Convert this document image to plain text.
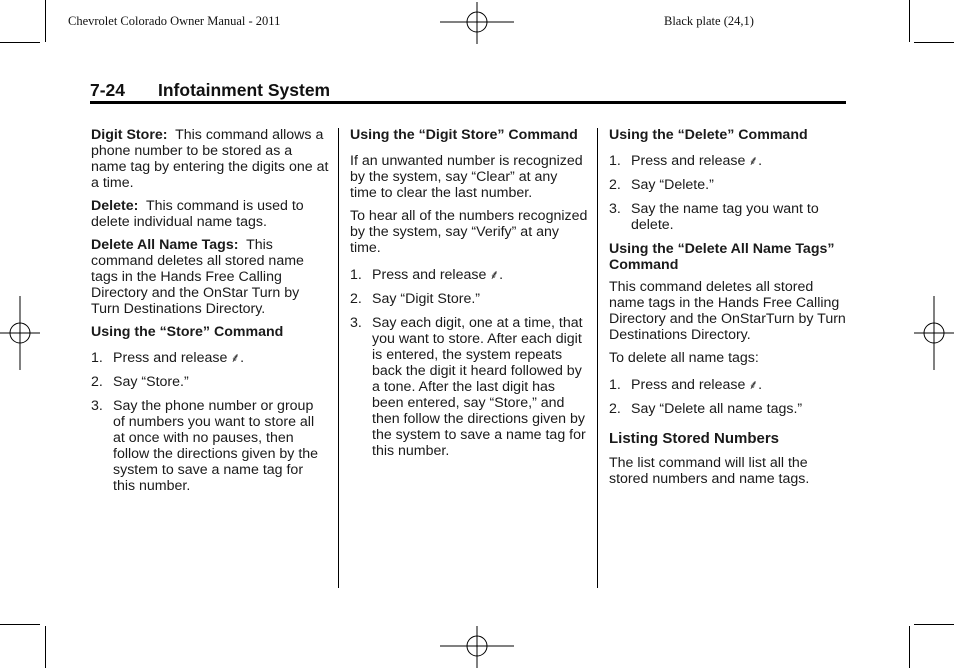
Chevrolet Colorado Owner Manual - 2011	Black plate (24,1)
7-24 Infotainment System

Digit Store: This command allows a phone number to be stored as a name tag by entering the digits one at a time.

Delete: This command is used to delete individual name tags.

Delete All Name Tags: This command deletes all stored name tags in the Hands Free Calling Directory and the OnStar Turn by Turn Destinations Directory.

Using the “Store” Command

1. Press and release ⸙.
2. Say “Store.”
3. Say the phone number or group of numbers you want to store all at once with no pauses, then follow the directions given by the system to save a name tag for this number.

Using the “Digit Store” Command

If an unwanted number is recognized by the system, say “Clear” at any time to clear the last number.

To hear all of the numbers recognized by the system, say “Verify” at any time.

1. Press and release ⸙.
2. Say “Digit Store.”
3. Say each digit, one at a time, that you want to store. After each digit is entered, the system repeats back the digit it heard followed by a tone. After the last digit has been entered, say “Store,” and then follow the directions given by the system to save a name tag for this number.

Using the “Delete” Command

1. Press and release ⸙.
2. Say “Delete.”
3. Say the name tag you want to delete.

Using the “Delete All Name Tags” Command

This command deletes all stored name tags in the Hands Free Calling Directory and the OnStarTurn by Turn Destinations Directory.

To delete all name tags:

1. Press and release ⸙.
2. Say “Delete all name tags.”

Listing Stored Numbers

The list command will list all the stored numbers and name tags.
